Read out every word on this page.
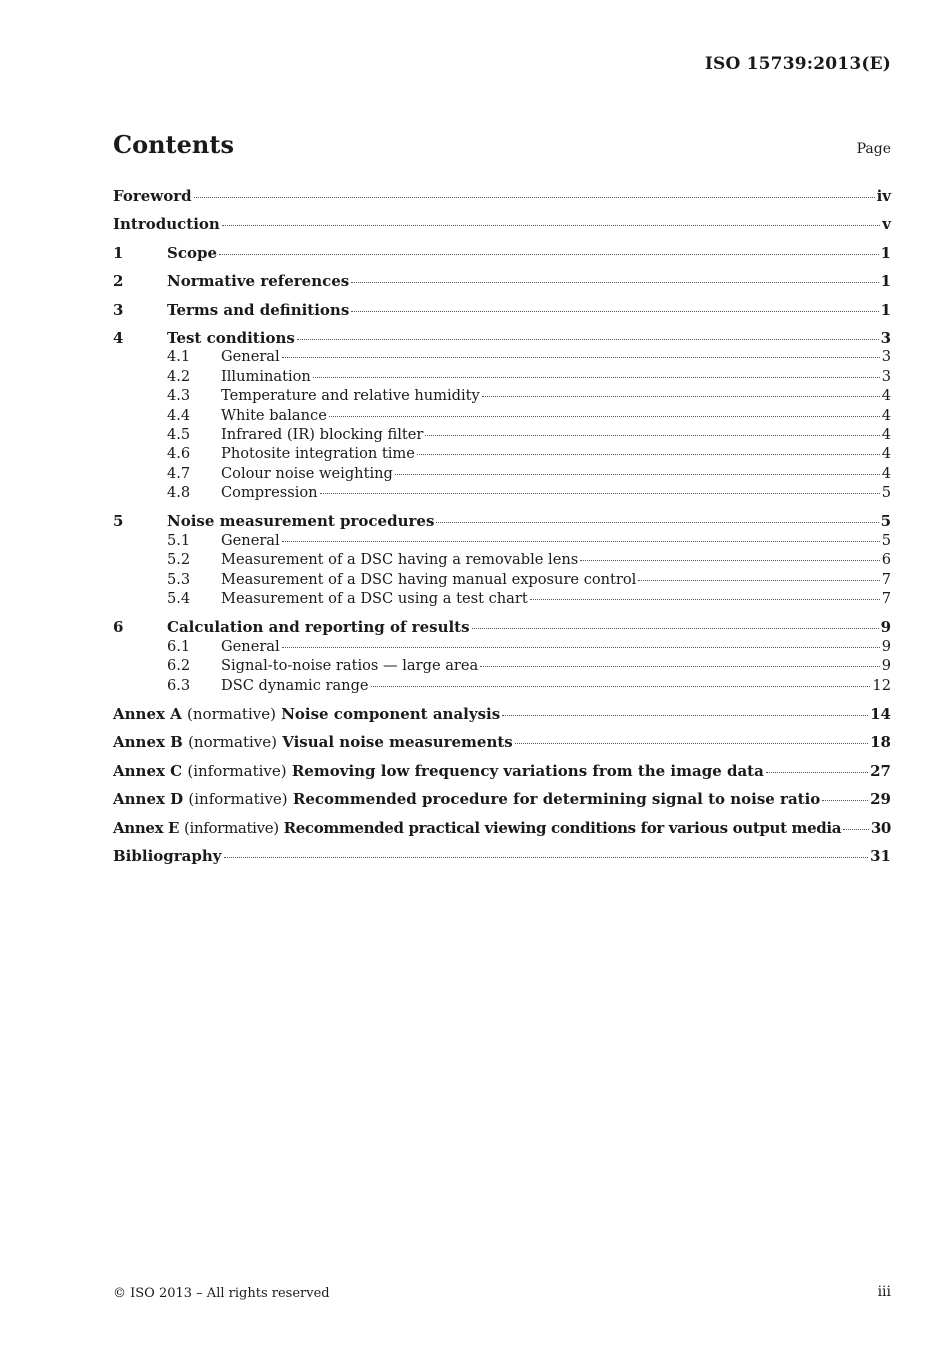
ISO 15739:2013(E)
Contents	Page
Foreword	iv
Introduction	v
1	Scope	1
2	Normative references	1
3	Terms and definitions	1
4	Test conditions	3
4.1	General	3
4.2	Illumination	3
4.3	Temperature and relative humidity	4
4.4	White balance	4
4.5	Infrared (IR) blocking filter	4
4.6	Photosite integration time	4
4.7	Colour noise weighting	4
4.8	Compression	5
5	Noise measurement procedures	5
5.1	General	5
5.2	Measurement of a DSC having a removable lens	6
5.3	Measurement of a DSC having manual exposure control	7
5.4	Measurement of a DSC using a test chart	7
6	Calculation and reporting of results	9
6.1	General	9
6.2	Signal-to-noise ratios — large area	9
6.3	DSC dynamic range	12
Annex A (normative) Noise component analysis	14
Annex B (normative) Visual noise measurements	18
Annex C (informative) Removing low frequency variations from the image data	27
Annex D (informative) Recommended procedure for determining signal to noise ratio	29
Annex E (informative) Recommended practical viewing conditions for various output media 30
Bibliography	31
© ISO 2013 – All rights reserved	iii
